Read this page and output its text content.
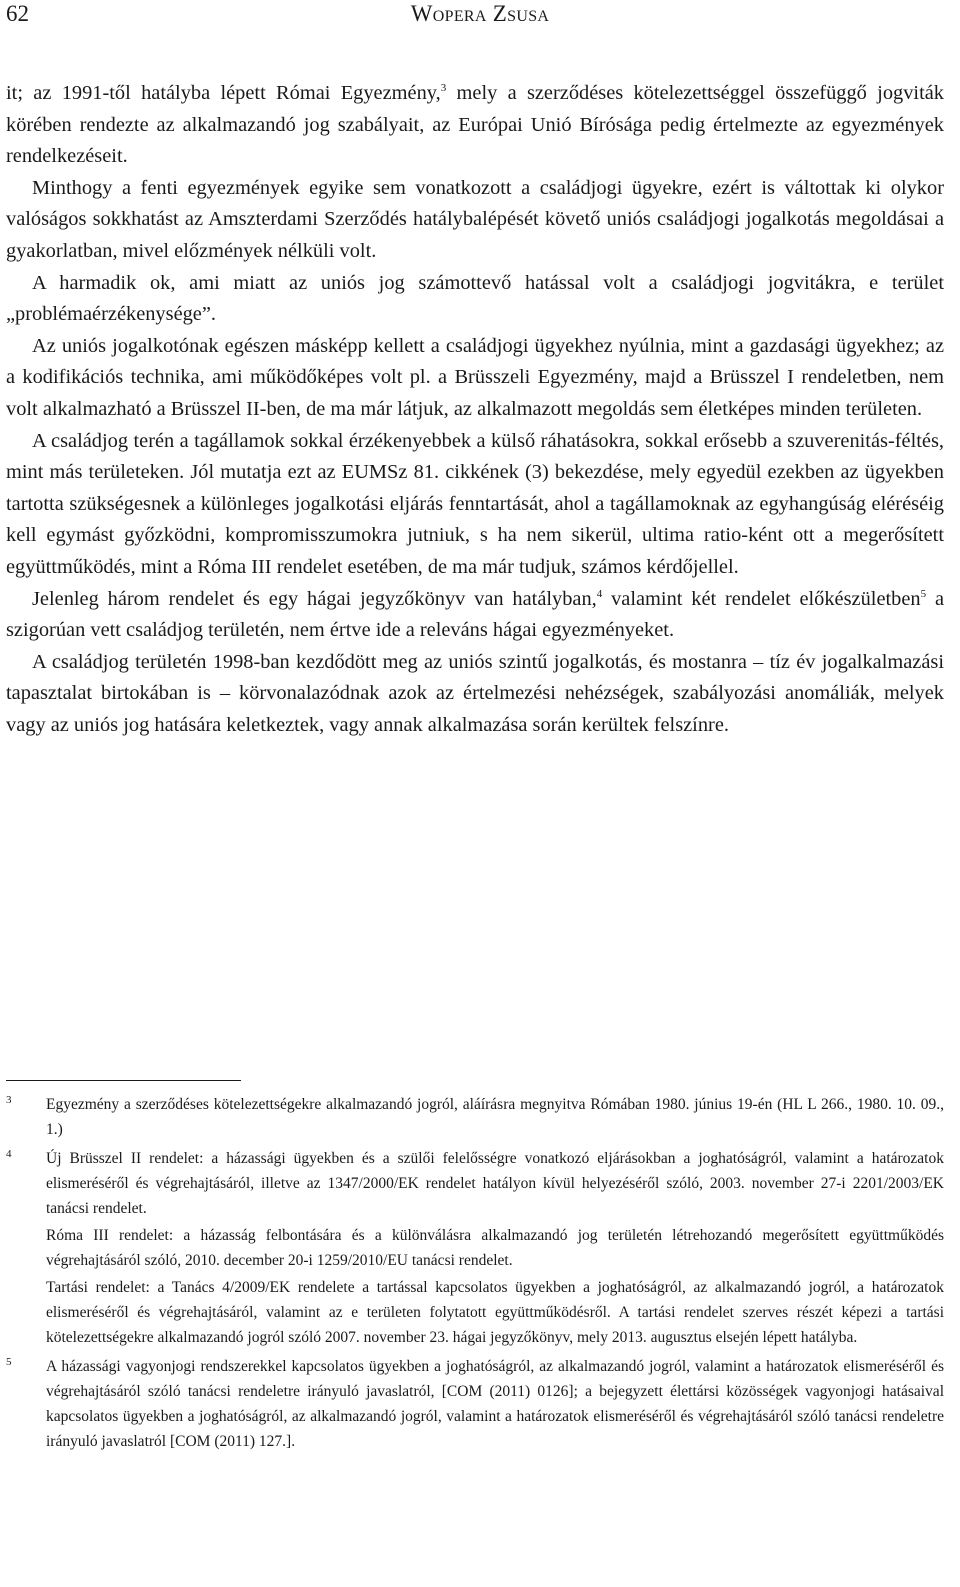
62	Wopera Zsusa

it; az 1991-től hatályba lépett Római Egyezmény,$^3$ mely a szerződéses kötelezettséggel összefüggő jogviták körében rendezte az alkalmazandó jog szabályait, az Európai Unió Bírósága pedig értelmezte az egyezmények rendelkezéseit.

Minthogy a fenti egyezmények egyike sem vonatkozott a családjogi ügyekre, ezért is váltottak ki olykor valóságos sokkhatást az Amszterdami Szerződés hatálybalépését követő uniós családjogi jogalkotás megoldásai a gyakorlatban, mivel előzmények nélküli volt.

A harmadik ok, ami miatt az uniós jog számottevő hatással volt a családjogi jogvitákra, e terület „problémaérzékenysége”.

Az uniós jogalkotónak egészen másképp kellett a családjogi ügyekhez nyúlnia, mint a gazdasági ügyekhez; az a kodifikációs technika, ami működőképes volt pl. a Brüsszeli Egyezmény, majd a Brüsszel I rendeletben, nem volt alkalmazható a Brüsszel II-ben, de ma már látjuk, az alkalmazott megoldás sem életképes minden területen.

A családjog terén a tagállamok sokkal érzékenyebbek a külső ráhatásokra, sokkal erősebb a szuverenitás-féltés, mint más területeken. Jól mutatja ezt az EUMSz 81. cikkének (3) bekezdése, mely egyedül ezekben az ügyekben tartotta szükségesnek a különleges jogalkotási eljárás fenntartását, ahol a tagállamoknak az egyhangúság eléréséig kell egymást győzködni, kompromisszumokra jutniuk, s ha nem sikerül, ultima ratio-ként ott a megerősített együttműködés, mint a Róma III rendelet esetében, de ma már tudjuk, számos kérdőjellel.

Jelenleg három rendelet és egy hágai jegyzőkönyv van hatályban,$^4$ valamint két rendelet előkészületben$^5$ a szigorúan vett családjog területén, nem értve ide a releváns hágai egyezményeket.

A családjog területén 1998-ban kezdődött meg az uniós szintű jogalkotás, és mostanra – tíz év jogalkalmazási tapasztalat birtokában is – körvonalazódnak azok az értelmezési nehézségek, szabályozási anomáliák, melyek vagy az uniós jog hatására keletkeztek, vagy annak alkalmazása során kerültek felszínre.

3 Egyezmény a szerződéses kötelezettségekre alkalmazandó jogról, aláírásra megnyitva Rómában 1980. június 19-én (HL L 266., 1980. 10. 09., 1.)
4 Új Brüsszel II rendelet: a házassági ügyekben és a szülői felelősségre vonatkozó eljárásokban a joghatóságról, valamint a határozatok elismeréséről és végrehajtásáról, illetve az 1347/2000/EK rendelet hatályon kívül helyezéséről szóló, 2003. november 27-i 2201/2003/EK tanácsi rendelet.
Róma III rendelet: a házasság felbontására és a különválásra alkalmazandó jog területén létrehozandó megerősített együttműködés végrehajtásáról szóló, 2010. december 20-i 1259/2010/EU tanácsi rendelet.
Tartási rendelet: a Tanács 4/2009/EK rendelete a tartással kapcsolatos ügyekben a joghatóságról, az alkalmazandó jogról, a határozatok elismeréséről és végrehajtásáról, valamint az e területen folytatott együttműködésről. A tartási rendelet szerves részét képezi a tartási kötelezettségekre alkalmazandó jogról szóló 2007. november 23. hágai jegyzőkönyv, mely 2013. augusztus elsején lépett hatályba.
5 A házassági vagyonjogi rendszerekkel kapcsolatos ügyekben a joghatóságról, az alkalmazandó jogról, valamint a határozatok elismeréséről és végrehajtásáról szóló tanácsi rendeletre irányuló javaslatról, [COM (2011) 0126]; a bejegyzett élettársi közösségek vagyonjogi hatásaival kapcsolatos ügyekben a joghatóságról, az alkalmazandó jogról, valamint a határozatok elismeréséről és végrehajtásáról szóló tanácsi rendeletre irányuló javaslatról [COM (2011) 127.].
